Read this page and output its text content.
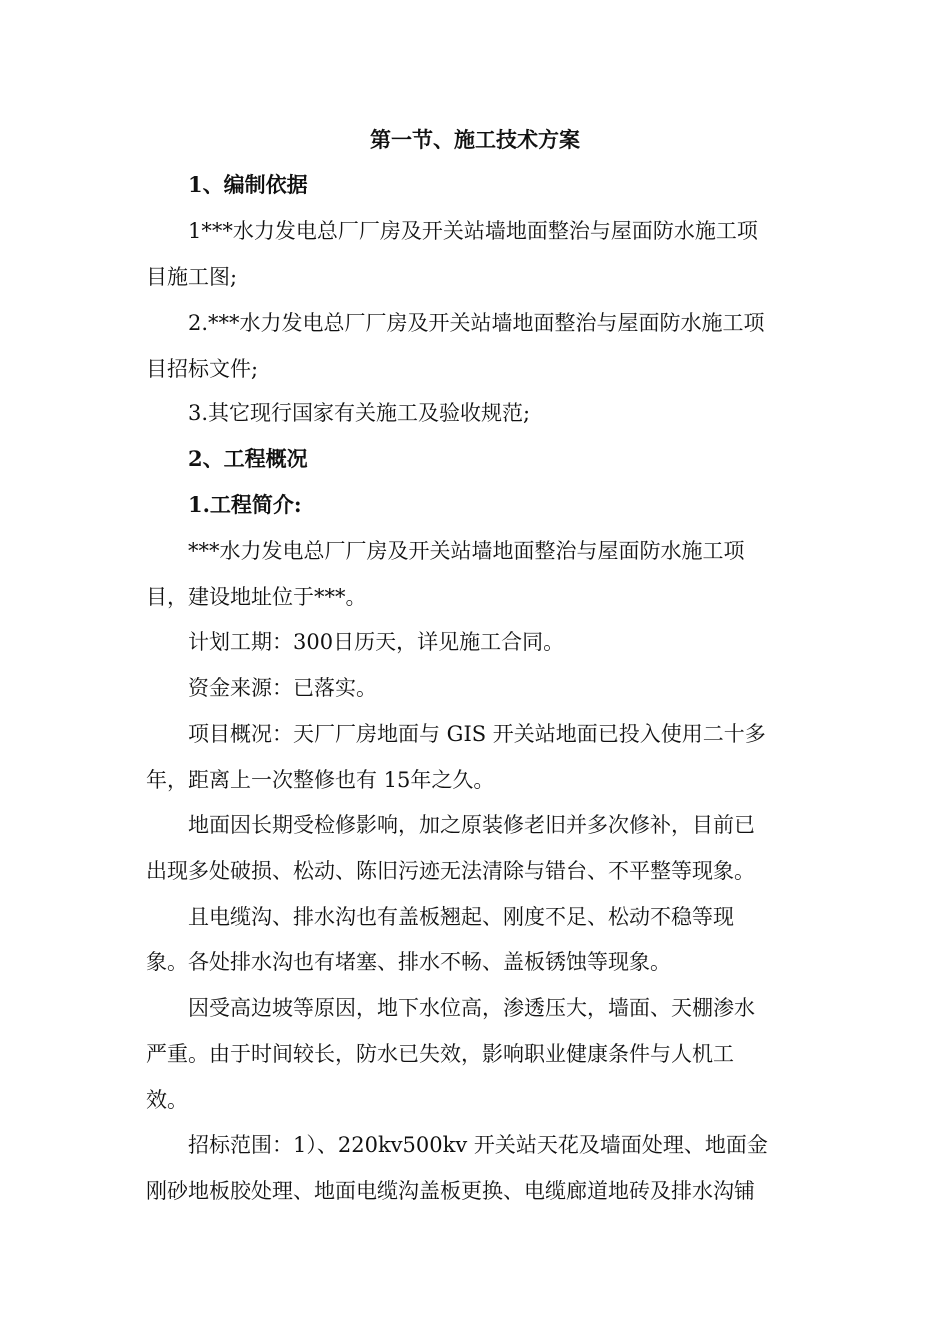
第一节、施工技术方案
1、编制依据
1***水力发电总厂厂房及开关站墙地面整治与屋面防水施工项
目施工图;
2.***水力发电总厂厂房及开关站墙地面整治与屋面防水施工项
目招标文件;
3.其它现行国家有关施工及验收规范;
2、工程概况
1.工程简介:
***水力发电总厂厂房及开关站墙地面整治与屋面防水施工项
目，建设地址位于***。
计划工期：300日历天，详见施工合同。
资金来源：已落实。
项目概况：天厂厂房地面与 GIS 开关站地面已投入使用二十多
年，距离上一次整修也有 15年之久。
地面因长期受检修影响，加之原装修老旧并多次修补，目前已
出现多处破损、松动、陈旧污迹无法清除与错台、不平整等现象。
且电缆沟、排水沟也有盖板翘起、刚度不足、松动不稳等现
象。各处排水沟也有堵塞、排水不畅、盖板锈蚀等现象。
因受高边坡等原因，地下水位高，渗透压大，墙面、天棚渗水
严重。由于时间较长，防水已失效，影响职业健康条件与人机工
效。
招标范围：1）、220kv500kv 开关站天花及墙面处理、地面金
刚砂地板胶处理、地面电缆沟盖板更换、电缆廊道地砖及排水沟铺
